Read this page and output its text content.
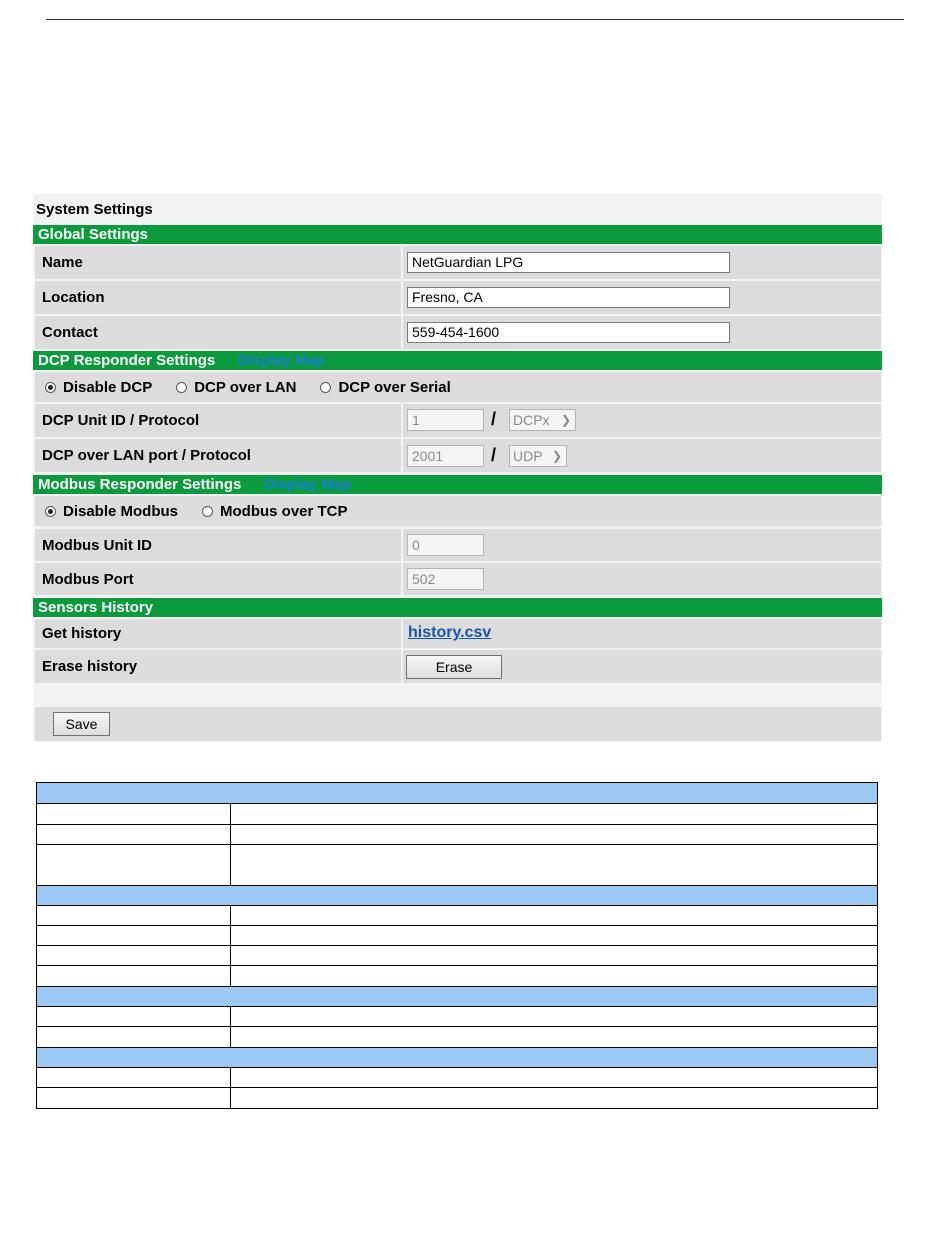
System Settings
Global Settings
Name	NetGuardian LPG
Location	Fresno, CA
Contact	559-454-1600
DCP Responder Settings Display Map
Disable DCP	DCP over LAN	DCP over Serial
DCP Unit ID / Protocol	1	/ DCPx ❯
DCP over LAN port / Protocol	2001	/ UDP ❯
Modbus Responder Settings Display Map
Disable Modbus	Modbus over TCP
Modbus Unit ID	0
Modbus Port	502
Sensors History
Get history	history.csv
Erase history	Erase
Save
